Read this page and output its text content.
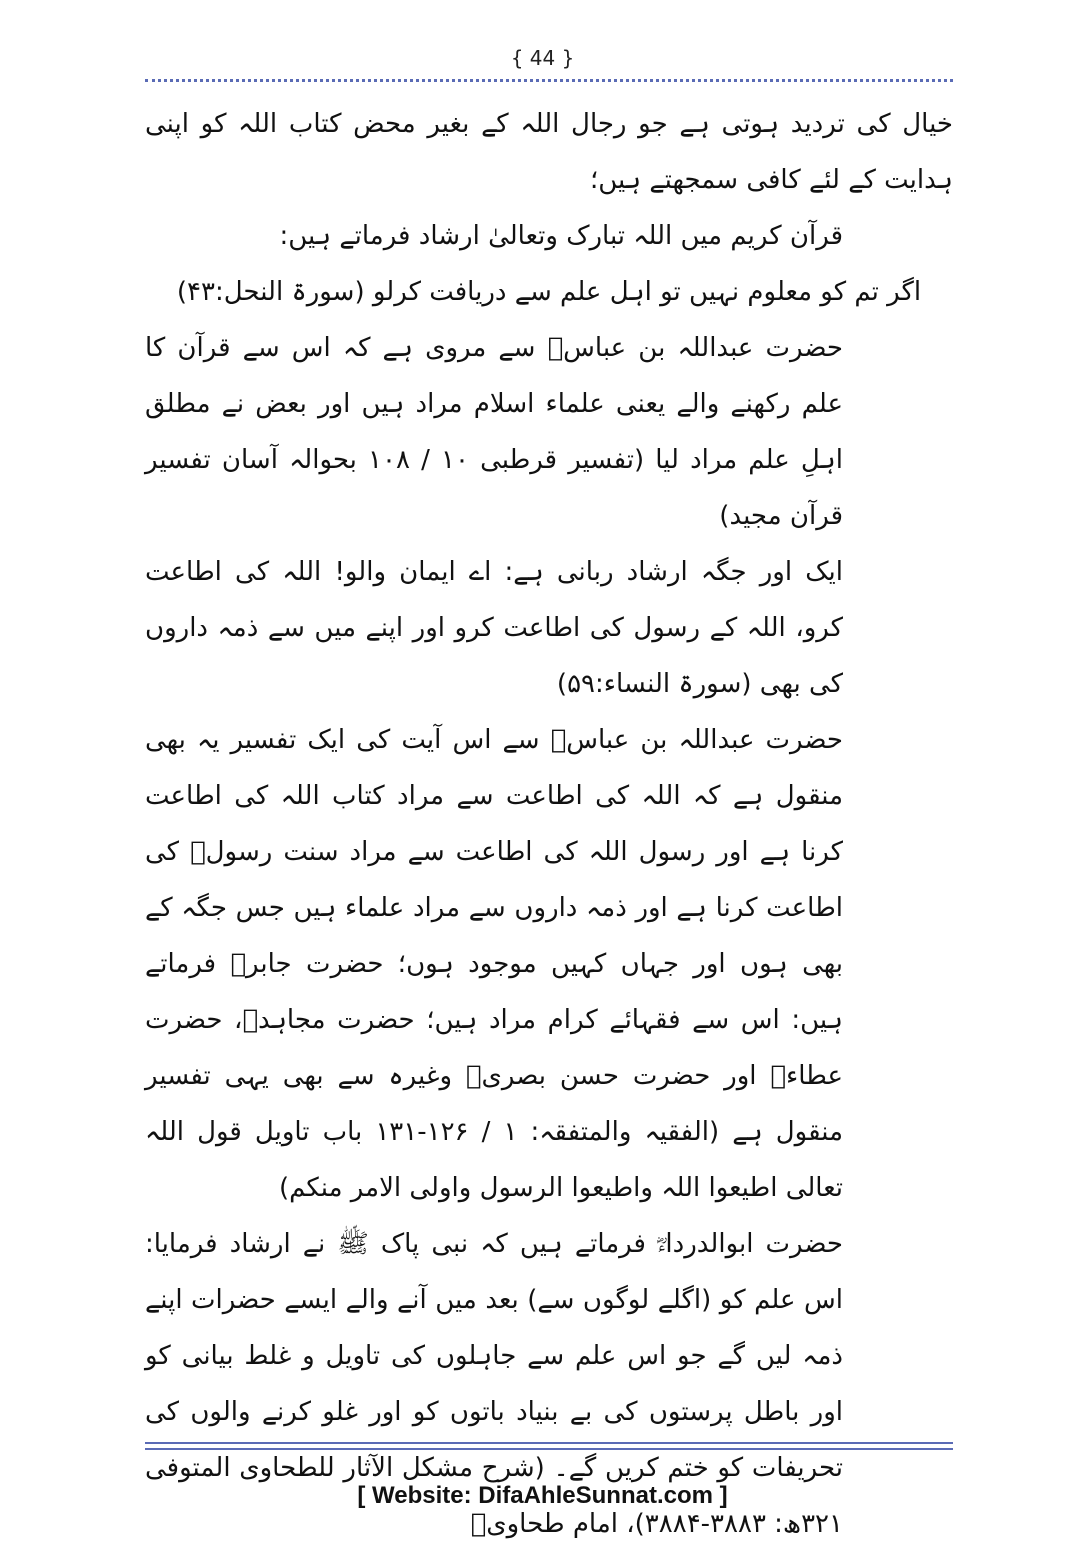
{ 44 }

خیال کی تردید ہوتی ہے جو رجال اللہ کے بغیر محض کتاب اللہ کو اپنی ہدایت کے لئے کافی سمجھتے ہیں؛

قرآن کریم میں اللہ تبارک وتعالیٰ ارشاد فرماتے ہیں:

اگر تم کو معلوم نہیں تو اہل علم سے دریافت کرلو (سورۃ النحل:۴۳)

حضرت عبداللہ بن عباسؓ سے مروی ہے کہ اس سے قرآن کا علم رکھنے والے یعنی علماء اسلام مراد ہیں اور بعض نے مطلق اہلِ علم مراد لیا (تفسیر قرطبی ۱۰ / ۱۰۸ بحوالہ آسان تفسیر قرآن مجید)

ایک اور جگہ ارشاد ربانی ہے: اے ایمان والو! اللہ کی اطاعت کرو، اللہ کے رسول کی اطاعت کرو اور اپنے میں سے ذمہ داروں کی بھی (سورۃ النساء:۵۹)

حضرت عبداللہ بن عباسؓ سے اس آیت کی ایک تفسیر یہ بھی منقول ہے کہ اللہ کی اطاعت سے مراد کتاب اللہ کی اطاعت کرنا ہے اور رسول اللہ کی اطاعت سے مراد سنت رسولؐ کی اطاعت کرنا ہے اور ذمہ داروں سے مراد علماء ہیں جس جگہ کے بھی ہوں اور جہاں کہیں موجود ہوں؛ حضرت جابرؓ فرماتے ہیں: اس سے فقہائے کرام مراد ہیں؛ حضرت مجاہدؒ، حضرت عطاءؒ اور حضرت حسن بصریؒ وغیرہ سے بھی یہی تفسیر منقول ہے (الفقیہ والمتفقہ: ۱ / ۱۲۶-۱۳۱ باب تاویل قول اللہ تعالی اطیعوا اللہ واطیعوا الرسول واولی الامر منکم)

حضرت ابوالدرداءؓ فرماتے ہیں کہ نبی پاک ﷺ نے ارشاد فرمایا: اس علم کو (اگلے لوگوں سے) بعد میں آنے والے ایسے حضرات اپنے ذمہ لیں گے جو اس علم سے جاہلوں کی تاویل و غلط بیانی کو اور باطل پرستوں کی بے بنیاد باتوں کو اور غلو کرنے والوں کی تحریفات کو ختم کریں گے۔ (شرح مشکل الآثار للطحاوی المتوفی ۳۲۱ھ: ۳۸۸۳-۳۸۸۴)، امام طحاویؒ

[ Website: DifaAhleSunnat.com ]
